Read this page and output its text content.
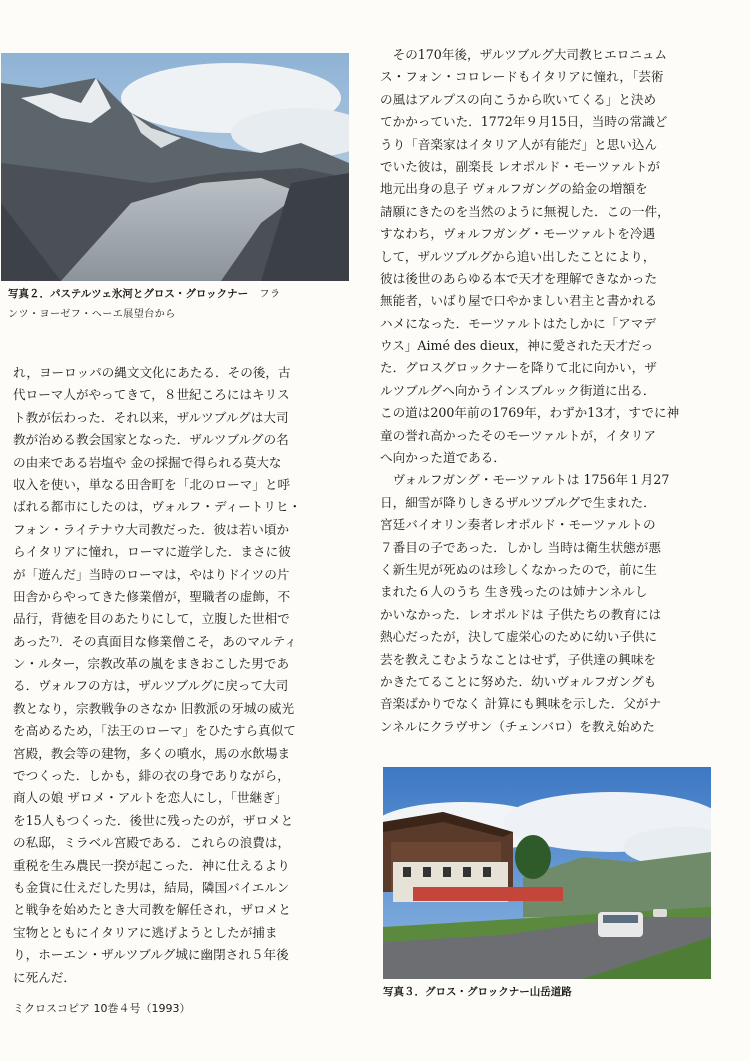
写真２．パステルツェ氷河とグロス・グロックナー フラ
ンツ・ヨーゼフ・ヘーエ展望台から
れ，ヨーロッパの縄文文化にあたる．その後，古
代ローマ人がやってきて，８世紀ころにはキリス
ト教が伝わった．それ以来，ザルツブルグは大司
教が治める教会国家となった．ザルツブルグの名
の由来である岩塩や 金の採掘で得られる莫大な
収入を使い，単なる田舎町を「北のローマ」と呼
ばれる都市にしたのは，ヴォルフ・ディートリヒ・
フォン・ライテナウ大司教だった．彼は若い頃か
らイタリアに憧れ，ローマに遊学した．まさに彼
が「遊んだ」当時のローマは，やはりドイツの片
田舎からやってきた修業僧が，聖職者の虚飾，不
品行，背徳を目のあたりにして，立腹した世相で
あった⁷⁾．その真面目な修業僧こそ，あのマルティ
ン・ルター，宗教改革の嵐をまきおこした男であ
る．ヴォルフの方は，ザルツブルグに戻って大司
教となり，宗教戦争のさなか 旧教派の牙城の威光
を高めるため，「法王のローマ」をひたすら真似て
宮殿，教会等の建物，多くの噴水，馬の水飲場ま
でつくった．しかも，緋の衣の身でありながら，
商人の娘 ザロメ・アルトを恋人にし，「世継ぎ」
を15人もつくった．後世に残ったのが，ザロメと
の私邸，ミラベル宮殿である．これらの浪費は，
重税を生み農民一揆が起こった．神に仕えるより
も金貨に仕えだした男は，結局，隣国バイエルン
と戦争を始めたとき大司教を解任され，ザロメと
宝物とともにイタリアに逃げようとしたが捕ま
り，ホーエン・ザルツブルグ城に幽閉され５年後
に死んだ．
　その170年後，ザルツブルグ大司教ヒエロニュム
ス・フォン・コロレードもイタリアに憧れ，「芸術
の風はアルプスの向こうから吹いてくる」と決め
てかかっていた．1772年９月15日，当時の常識ど
うり「音楽家はイタリア人が有能だ」と思い込ん
でいた彼は，副楽長 レオポルド・モーツァルトが
地元出身の息子 ヴォルフガングの給金の増額を
請願にきたのを当然のように無視した．この一件，
すなわち，ヴォルフガング・モーツァルトを冷遇
して，ザルツブルグから追い出したことにより，
彼は後世のあらゆる本で天才を理解できなかった
無能者，いばり屋で口やかましい君主と書かれる
ハメになった．モーツァルトはたしかに「アマデ
ウス」Aimé des dieux，神に愛された天才だっ
た．グロスグロックナーを降りて北に向かい，ザ
ルツブルグへ向かうインスブルック街道に出る．
この道は200年前の1769年，わずか13才，すでに神
童の誉れ高かったそのモーツァルトが，イタリア
へ向かった道である．
　ヴォルフガング・モーツァルトは 1756年１月27
日，細雪が降りしきるザルツブルグで生まれた．
宮廷バイオリン奏者レオポルド・モーツァルトの
７番目の子であった．しかし 当時は衛生状態が悪
く新生児が死ぬのは珍しくなかったので，前に生
まれた６人のうち 生き残ったのは姉ナンネルし
かいなかった．レオポルドは 子供たちの教育には
熱心だったが，決して虚栄心のために幼い子供に
芸を教えこむようなことはせず，子供達の興味を
かきたてることに努めた．幼いヴォルフガングも
音楽ばかりでなく 計算にも興味を示した．父がナ
ンネルにクラヴサン（チェンバロ）を教え始めた
写真３．グロス・グロックナー山岳道路
ミクロスコピア 10巻４号（1993）
